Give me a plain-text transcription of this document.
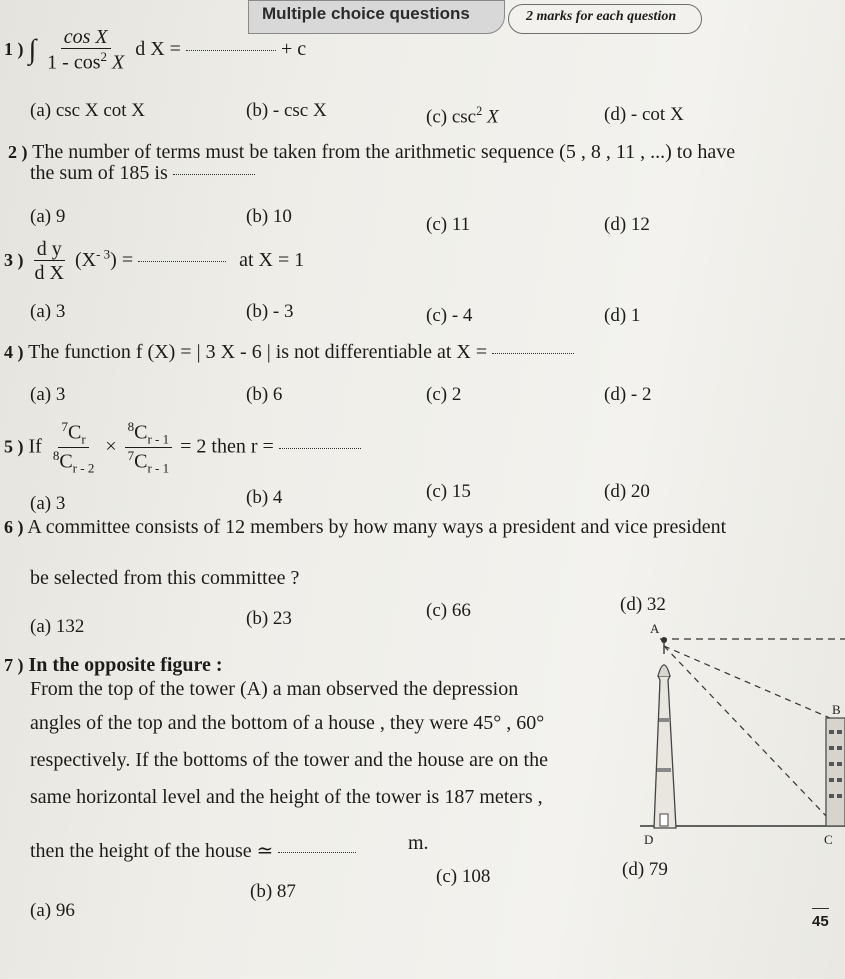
Multiple choice questions	2 marks for each question
1 ) ∫ $\frac{\text{cos X}}{1 - \cos^2 X}$ d X =	+ c
(a) csc X cot X	(b) - csc X	(c) $\csc^2 X$	(d) - cot X
2 ) The number of terms must be taken from the arithmetic sequence (5 , 8 , 11 , ...) to have
the sum of 185 is
(a) 9	(b) 10	(c) 11	(d) 12
3 ) $\frac{\text{d y}}{\text{d X}} (X^{- 3})$ =	at X = 1
(a) 3	(b) - 3	(c) - 4	(d) 1
4 ) The function f (X) = | 3 X - 6 | is not differentiable at X =
(a) 3	(b) 6	(c) 2	(d) - 2
5 ) If $\frac{^7C_r}{^8C_{r - 2}} \times \frac{^8C_{r - 1}}{^7C_{r - 1}} = 2$ then r =
(a) 3	(b) 4	(c) 15	(d) 20
6 ) A committee consists of 12 members by how many ways a president and vice president
be selected from this committee ?
(a) 132	(b) 23	(c) 66	(d) 32
7 ) In the opposite figure :
From the top of the tower (A) a man observed the depression
angles of the top and the bottom of a house , they were 45° , 60°
respectively. If the bottoms of the tower and the house are on the
same horizontal level and the height of the tower is 187 meters ,
then the height of the house ≃	m.
(a) 96
(b) 87
(c) 108	(d) 79
A
B
C
D
45
